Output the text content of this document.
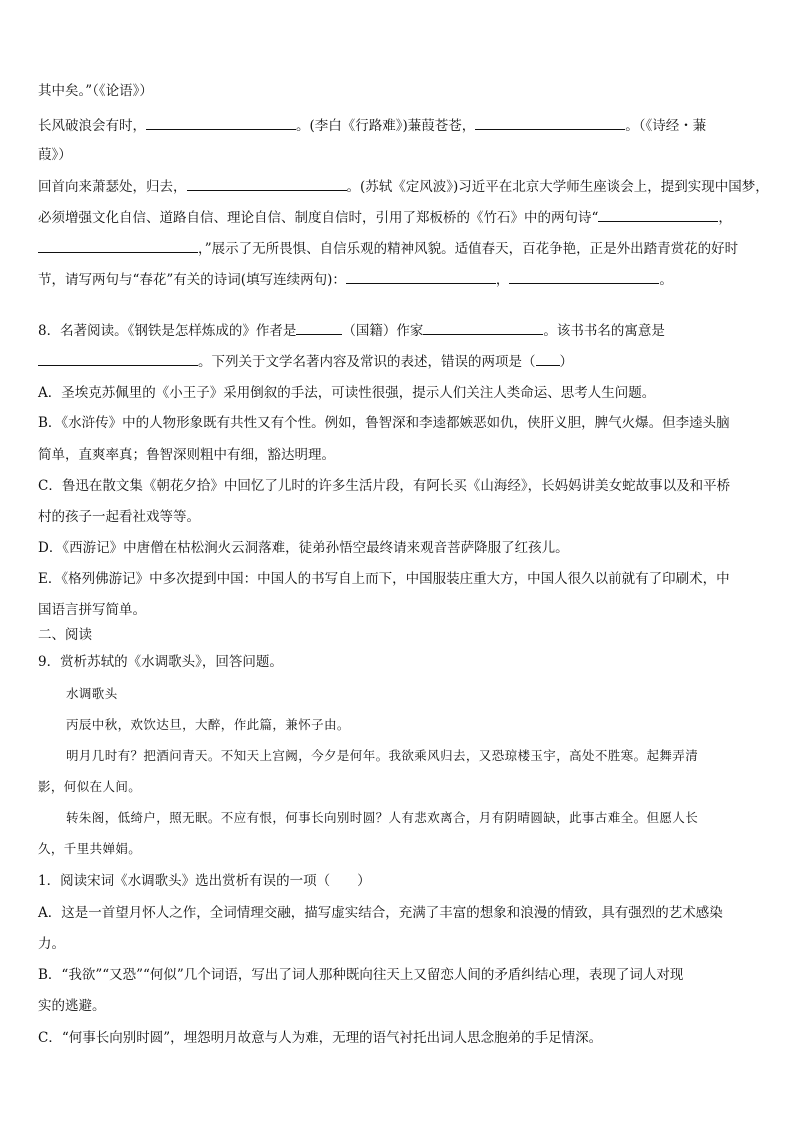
其中矣。”（《论语》）
长风破浪会有时，	。(李白《行路难》)蒹葭苍苍，	。（《诗经・蒹
葭》）
回首向来萧瑟处，归去，	。(苏轼《定风波》)习近平在北京大学师生座谈会上，提到实现中国梦，
必须增强文化自信、道路自信、理论自信、制度自信时，引用了郑板桥的《竹石》中的两句诗“	，
，”展示了无所畏惧、自信乐观的精神风貌。适值春天，百花争艳，正是外出踏青赏花的好时
节，请写两句与“春花”有关的诗词(填写连续两句)：	，	。
8．名著阅读。《钢铁是怎样炼成的》作者是	（国籍）作家	。该书书名的寓意是
。下列关于文学名著内容及常识的表述，错误的两项是（ ）
A．圣埃克苏佩里的《小王子》采用倒叙的手法，可读性很强，提示人们关注人类命运、思考人生问题。
B．《水浒传》中的人物形象既有共性又有个性。例如，鲁智深和李逵都嫉恶如仇，侠肝义胆，脾气火爆。但李逵头脑
简单，直爽率真；鲁智深则粗中有细，豁达明理。
C．鲁迅在散文集《朝花夕拾》中回忆了儿时的许多生活片段，有阿长买《山海经》，长妈妈讲美女蛇故事以及和平桥
村的孩子一起看社戏等等。
D．《西游记》中唐僧在枯松涧火云洞落难，徒弟孙悟空最终请来观音菩萨降服了红孩儿。
E．《格列佛游记》中多次提到中国：中国人的书写自上而下，中国服装庄重大方，中国人很久以前就有了印刷术，中
国语言拼写简单。
二、阅读
9．赏析苏轼的《水调歌头》，回答问题。
水调歌头
丙辰中秋，欢饮达旦，大醉，作此篇，兼怀子由。
明月几时有？把酒问青天。不知天上宫阙，今夕是何年。我欲乘风归去，又恐琼楼玉宇，高处不胜寒。起舞弄清
影，何似在人间。
转朱阁，低绮户，照无眠。不应有恨，何事长向别时圆？人有悲欢离合，月有阴晴圆缺，此事古难全。但愿人长
久，千里共婵娟。
1．阅读宋词《水调歌头》选出赏析有误的一项（　　）
A．这是一首望月怀人之作，全词情理交融，描写虚实结合，充满了丰富的想象和浪漫的情致，具有强烈的艺术感染
力。
B．“我欲”“又恐”“何似”几个词语，写出了词人那种既向往天上又留恋人间的矛盾纠结心理，表现了词人对现
实的逃避。
C．“何事长向别时圆”，埋怨明月故意与人为难，无理的语气衬托出词人思念胞弟的手足情深。
